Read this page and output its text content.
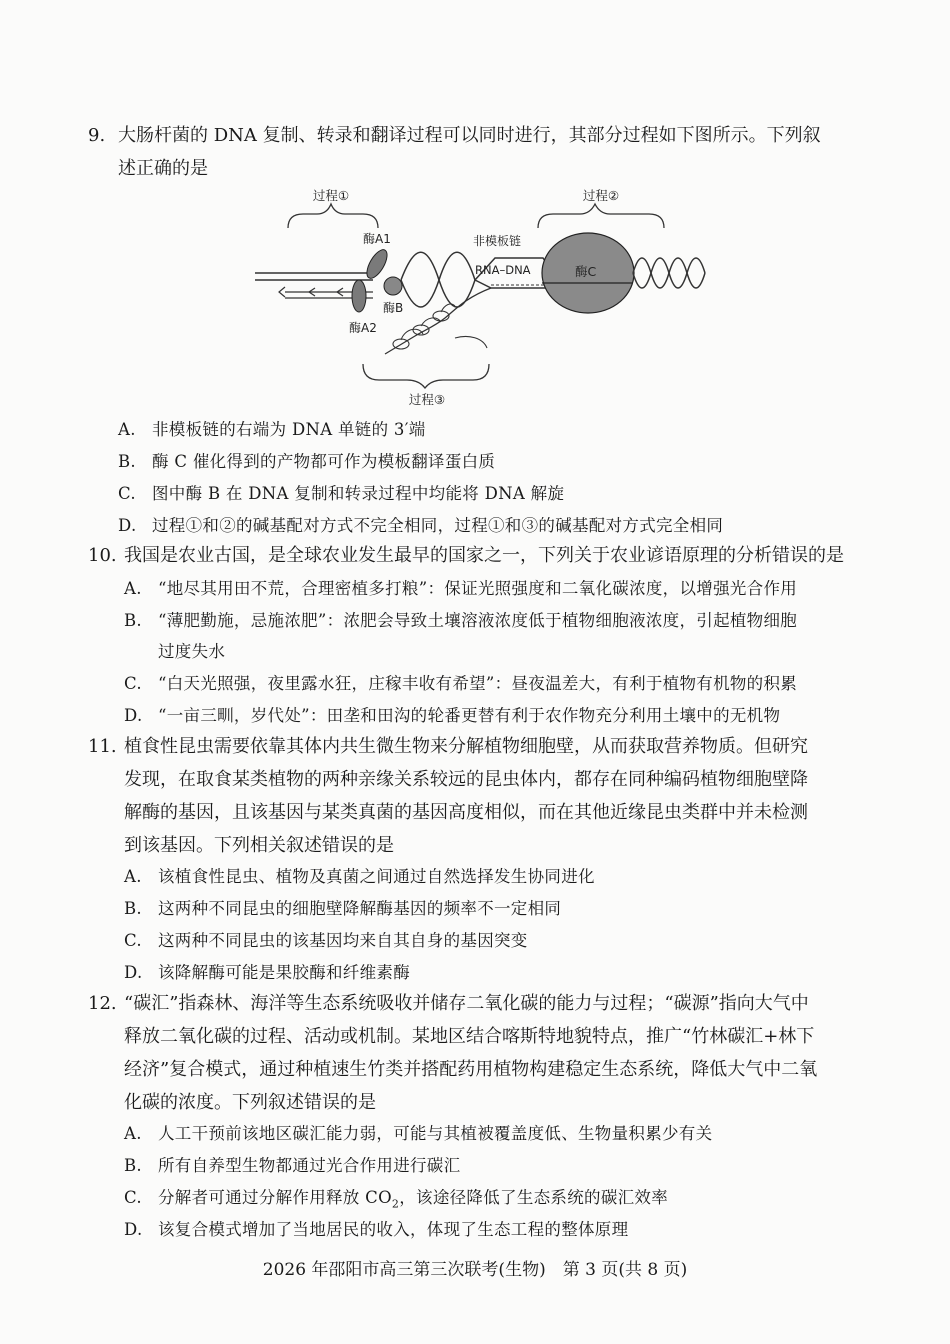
9. 大肠杆菌的 DNA 复制、转录和翻译过程可以同时进行，其部分过程如下图所示。下列叙
述正确的是
过程①	过程②
过程③
酶A1
酶A2
酶B
非模板链
RNA–DNA	酶C
A. 非模板链的右端为 DNA 单链的 3′端
B. 酶 C 催化得到的产物都可作为模板翻译蛋白质
C. 图中酶 B 在 DNA 复制和转录过程中均能将 DNA 解旋
D. 过程①和②的碱基配对方式不完全相同，过程①和③的碱基配对方式完全相同
10. 我国是农业古国，是全球农业发生最早的国家之一，下列关于农业谚语原理的分析错误的是
A. “地尽其用田不荒，合理密植多打粮”：保证光照强度和二氧化碳浓度，以增强光合作用
B. “薄肥勤施，忌施浓肥”：浓肥会导致土壤溶液浓度低于植物细胞液浓度，引起植物细胞
过度失水
C. “白天光照强，夜里露水狂，庄稼丰收有希望”：昼夜温差大，有利于植物有机物的积累
D. “一亩三甽，岁代处”：田垄和田沟的轮番更替有利于农作物充分利用土壤中的无机物
11. 植食性昆虫需要依靠其体内共生微生物来分解植物细胞壁，从而获取营养物质。但研究
发现，在取食某类植物的两种亲缘关系较远的昆虫体内，都存在同种编码植物细胞壁降
解酶的基因，且该基因与某类真菌的基因高度相似，而在其他近缘昆虫类群中并未检测
到该基因。下列相关叙述错误的是
A. 该植食性昆虫、植物及真菌之间通过自然选择发生协同进化
B. 这两种不同昆虫的细胞壁降解酶基因的频率不一定相同
C. 这两种不同昆虫的该基因均来自其自身的基因突变
D. 该降解酶可能是果胶酶和纤维素酶
12. “碳汇”指森林、海洋等生态系统吸收并储存二氧化碳的能力与过程；“碳源”指向大气中
释放二氧化碳的过程、活动或机制。某地区结合喀斯特地貌特点，推广“竹林碳汇+林下
经济”复合模式，通过种植速生竹类并搭配药用植物构建稳定生态系统，降低大气中二氧
化碳的浓度。下列叙述错误的是
A. 人工干预前该地区碳汇能力弱，可能与其植被覆盖度低、生物量积累少有关
B. 所有自养型生物都通过光合作用进行碳汇
C. 分解者可通过分解作用释放 $CO_2$，该途径降低了生态系统的碳汇效率
D. 该复合模式增加了当地居民的收入，体现了生态工程的整体原理
2026 年邵阳市高三第三次联考(生物)　第 3 页(共 8 页)
